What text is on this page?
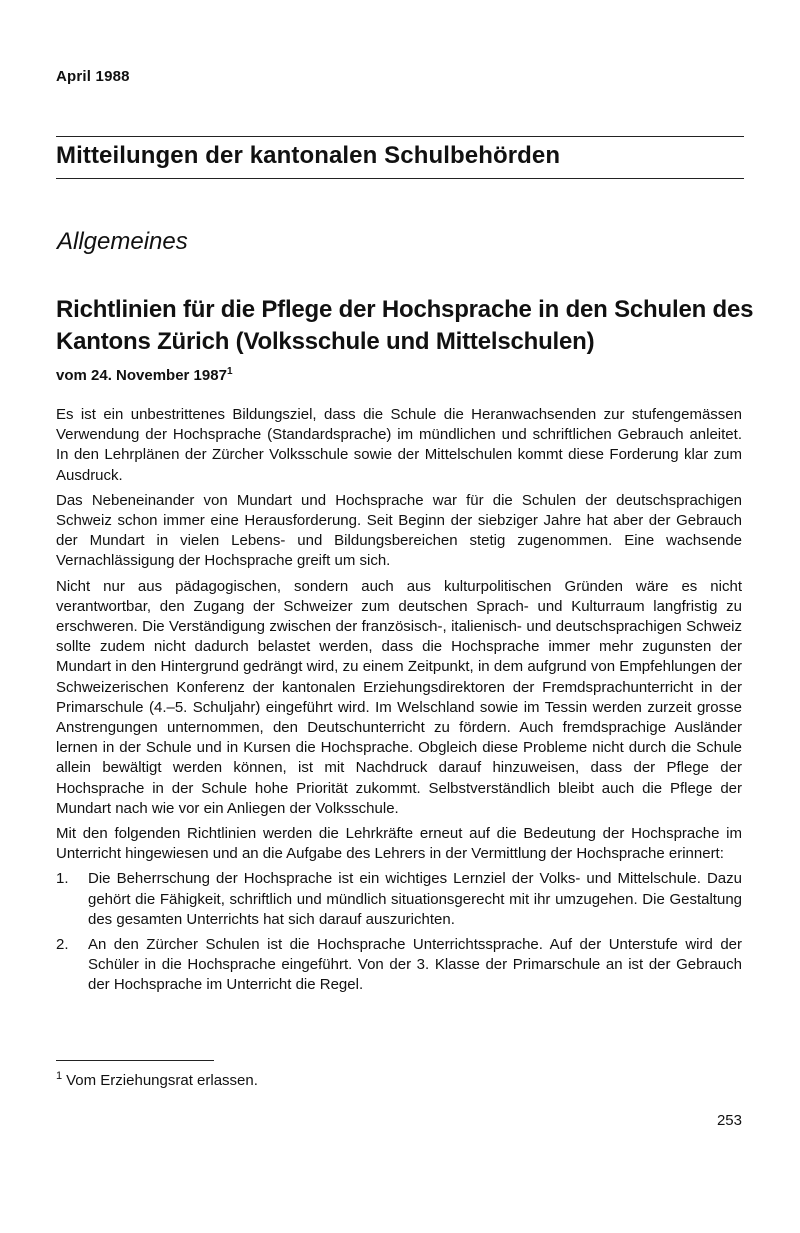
April 1988
Mitteilungen der kantonalen Schulbehörden
Allgemeines
Richtlinien für die Pflege der Hochsprache in den Schulen des Kantons Zürich (Volksschule und Mittelschulen)
vom 24. November 1987$^1$

Es ist ein unbestrittenes Bildungsziel, dass die Schule die Heranwachsenden zur stufengemässen Verwendung der Hochsprache (Standardsprache) im mündlichen und schriftlichen Gebrauch anleitet. In den Lehrplänen der Zürcher Volksschule sowie der Mittelschulen kommt diese Forderung klar zum Ausdruck.

Das Nebeneinander von Mundart und Hochsprache war für die Schulen der deutschsprachigen Schweiz schon immer eine Herausforderung. Seit Beginn der siebziger Jahre hat aber der Gebrauch der Mundart in vielen Lebens- und Bildungsbereichen stetig zugenommen. Eine wachsende Vernachlässigung der Hochsprache greift um sich.

Nicht nur aus pädagogischen, sondern auch aus kulturpolitischen Gründen wäre es nicht verantwortbar, den Zugang der Schweizer zum deutschen Sprach- und Kulturraum langfristig zu erschweren. Die Verständigung zwischen der französisch-, italienisch- und deutschsprachigen Schweiz sollte zudem nicht dadurch belastet werden, dass die Hochsprache immer mehr zugunsten der Mundart in den Hintergrund gedrängt wird, zu einem Zeitpunkt, in dem aufgrund von Empfehlungen der Schweizerischen Konferenz der kantonalen Erziehungsdirektoren der Fremdsprachunterricht in der Primarschule (4.–5. Schuljahr) eingeführt wird. Im Welschland sowie im Tessin werden zurzeit grosse Anstrengungen unternommen, den Deutschunterricht zu fördern. Auch fremdsprachige Ausländer lernen in der Schule und in Kursen die Hochsprache. Obgleich diese Probleme nicht durch die Schule allein bewältigt werden können, ist mit Nachdruck darauf hinzuweisen, dass der Pflege der Hochsprache in der Schule hohe Priorität zukommt. Selbstverständlich bleibt auch die Pflege der Mundart nach wie vor ein Anliegen der Volksschule.

Mit den folgenden Richtlinien werden die Lehrkräfte erneut auf die Bedeutung der Hochsprache im Unterricht hingewiesen und an die Aufgabe des Lehrers in der Vermittlung der Hochsprache erinnert:

1.	Die Beherrschung der Hochsprache ist ein wichtiges Lernziel der Volks- und Mittelschule. Dazu gehört die Fähigkeit, schriftlich und mündlich situationsgerecht mit ihr umzugehen. Die Gestaltung des gesamten Unterrichts hat sich darauf auszurichten.
2.	An den Zürcher Schulen ist die Hochsprache Unterrichtssprache. Auf der Unterstufe wird der Schüler in die Hochsprache eingeführt. Von der 3. Klasse der Primarschule an ist der Gebrauch der Hochsprache im Unterricht die Regel.
$^1$ Vom Erziehungsrat erlassen.
253
